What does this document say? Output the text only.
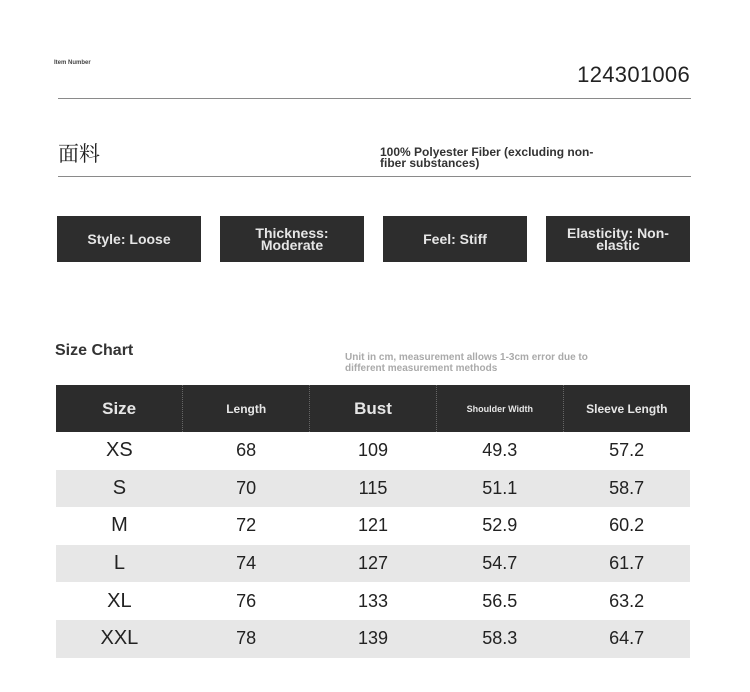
Item Number	124301006
面料	100% Polyester Fiber (excluding non-fiber substances)
Style: Loose	Thickness: Moderate	Feel: Stiff	Elasticity: Non-elastic
Size Chart	Unit in cm, measurement allows 1-3cm error due to different measurement methods
Size	Length	Bust	Shoulder Width	Sleeve Length
XS	68	109	49.3	57.2
S	70	115	51.1	58.7
M	72	121	52.9	60.2
L	74	127	54.7	61.7
XL	76	133	56.5	63.2
XXL	78	139	58.3	64.7
